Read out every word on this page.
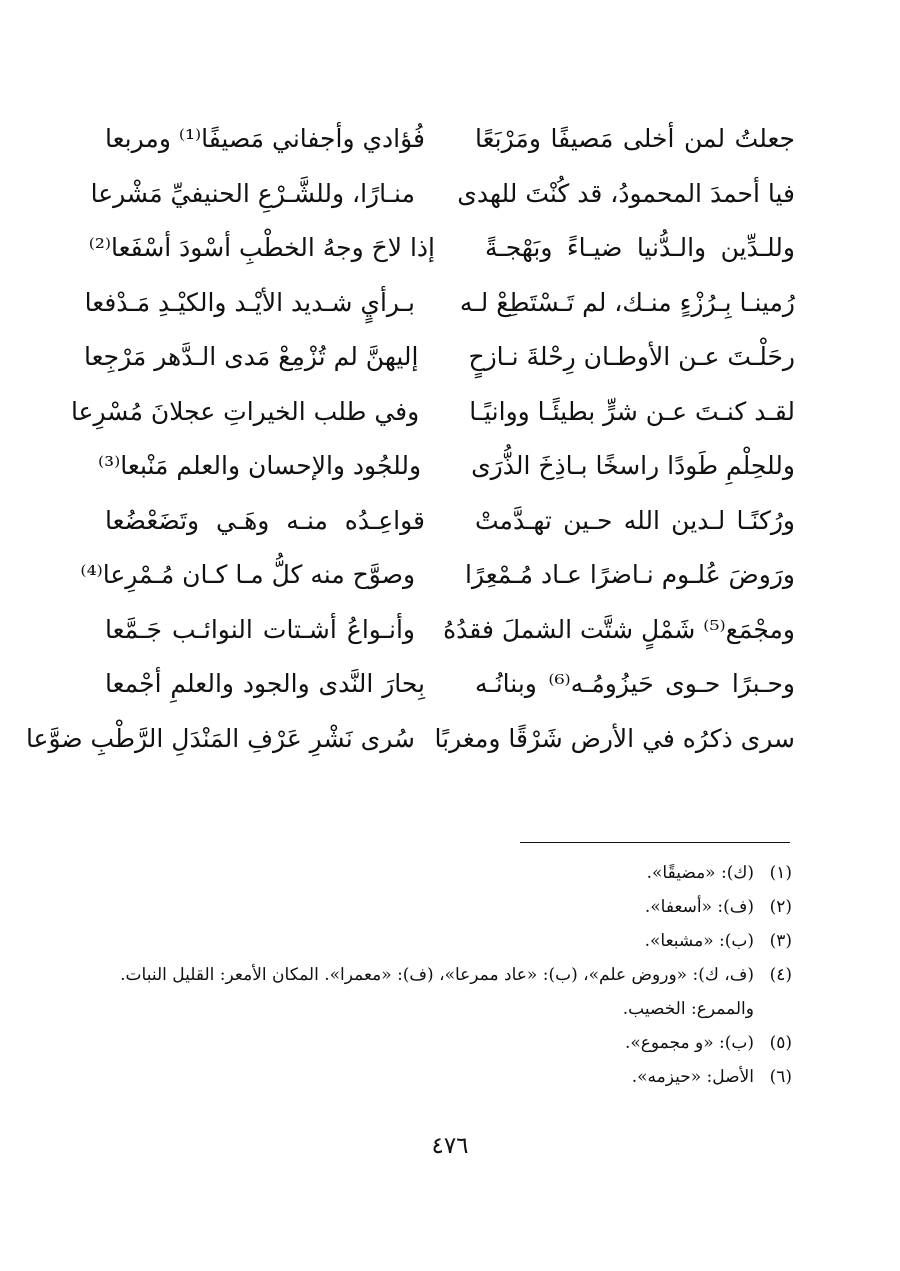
جعلتُ لمن أخلى مَصيفًا ومَرْبَعًا
فُؤادي وأجفاني مَصيفًا⁽¹⁾ ومربعا
فيا أحمدَ المحمودُ، قد كُنْتَ للهدى
منـارًا، وللشَّـرْعِ الحنيفيِّ مَشْرعا
وللـدِّين والـدُّنيا ضيـاءً وبَهْجـةً
إذا لاحَ وجهُ الخطْبِ أسْودَ أسْفَعا⁽²⁾
رُمينـا بِـرُزْءٍ منـك، لم تَـسْتَطِعْ لـه
بـرأيٍ شـديد الأيْـد والكيْـدِ مَـدْفعا
رحَلْـتَ عـن الأوطـان رِحْلةَ نـازحٍ
إليهنَّ لم تُزْمِعْ مَدى الـدَّهر مَرْجِعا
لقـد كنـتَ عـن شرٍّ بطيئًـا ووانيًـا
وفي طلب الخيراتِ عجلانَ مُسْرِعا
وللحِلْمِ طَودًا راسخًا بـاذِخَ الذُّرَى
وللجُود والإحسان والعلم مَنْبعا⁽³⁾
ورُكنًـا لـدين الله حـين تهـدَّمتْ
قواعِـدُه منـه وهَـي وتَضَعْضُعا
ورَوضَ عُلـوم نـاضرًا عـاد مُـمْعِرًا
وصوَّح منه كلُّ مـا كـان مُـمْرِعا⁽⁴⁾
ومجْمَع⁽⁵⁾ شَمْلٍ شتَّت الشملَ فقدُهُ
وأنـواعُ أشـتات النوائـب جَـمَّعا
وحـبرًا حـوى حَيزُومُـه⁽⁶⁾ وبنانُـه
بِحارَ النَّدى والجود والعلمِ أجْمعا
سرى ذكرُه في الأرض شَرْقًا ومغربًا
سُرى نَشْرِ عَرْفِ المَنْدَلِ الرَّطْبِ ضوَّعا
(١)
(ك): «مضيقًا».
(٢)
(ف): «أسعفا».
(٣)
(ب): «مشبعا».
(٤)
(ف، ك): «وروض علم»، (ب): «عاد ممرعا»، (ف): «معمرا». المكان الأمعر: القليل النبات. والممرع: الخصيب.
(٥)
(ب): «و مجموع».
(٦)
الأصل: «حيزمه».
٤٧٦
